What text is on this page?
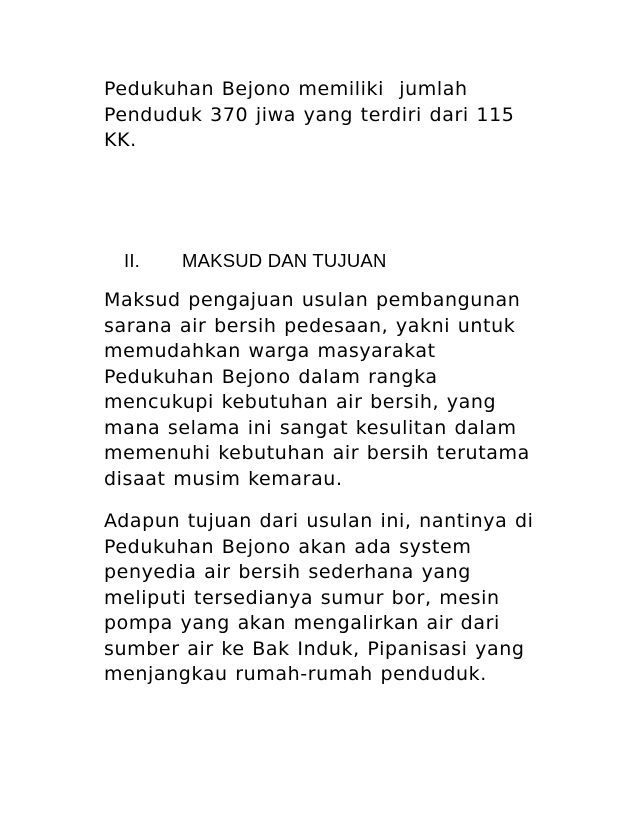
Pedukuhan Bejono memiliki  jumlah
Penduduk 370 jiwa yang terdiri dari 115
KK.

II. MAKSUD DAN TUJUAN

Maksud pengajuan usulan pembangunan
sarana air bersih pedesaan, yakni untuk
memudahkan warga masyarakat
Pedukuhan Bejono dalam rangka
mencukupi kebutuhan air bersih, yang
mana selama ini sangat kesulitan dalam
memenuhi kebutuhan air bersih terutama
disaat musim kemarau.

Adapun tujuan dari usulan ini, nantinya di
Pedukuhan Bejono akan ada system
penyedia air bersih sederhana yang
meliputi tersedianya sumur bor, mesin
pompa yang akan mengalirkan air dari
sumber air ke Bak Induk, Pipanisasi yang
menjangkau rumah-rumah penduduk.
